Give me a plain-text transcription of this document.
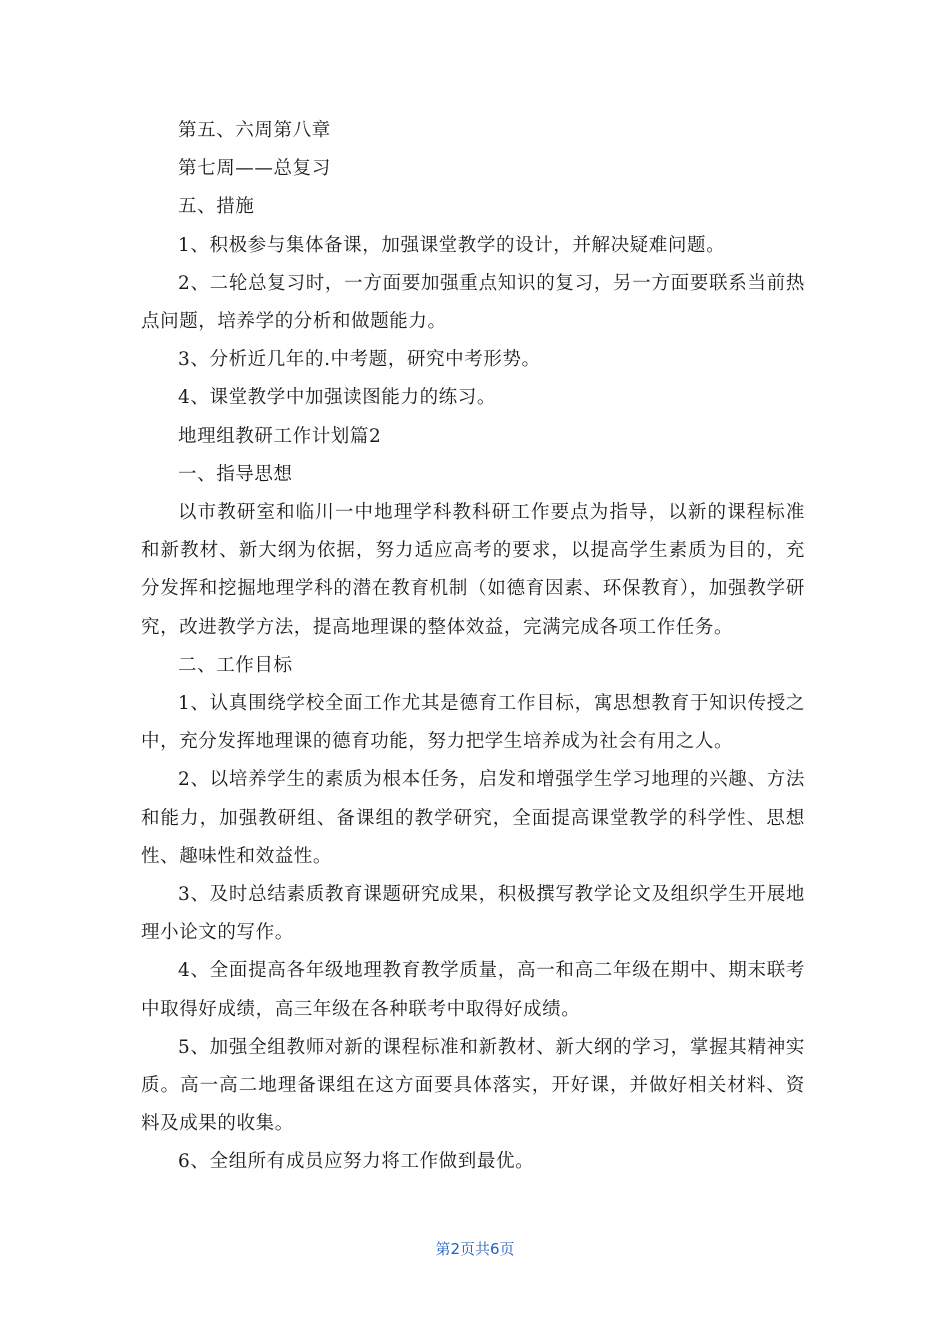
第五、六周第八章

第七周——总复习

五、措施

1、积极参与集体备课，加强课堂教学的设计，并解决疑难问题。

2、二轮总复习时，一方面要加强重点知识的复习，另一方面要联系当前热点问题，培养学的分析和做题能力。

3、分析近几年的.中考题，研究中考形势。

4、课堂教学中加强读图能力的练习。

地理组教研工作计划篇2

一、指导思想

以市教研室和临川一中地理学科教科研工作要点为指导，以新的课程标准和新教材、新大纲为依据，努力适应高考的要求，以提高学生素质为目的，充分发挥和挖掘地理学科的潜在教育机制（如德育因素、环保教育），加强教学研究，改进教学方法，提高地理课的整体效益，完满完成各项工作任务。

二、工作目标

1、认真围绕学校全面工作尤其是德育工作目标，寓思想教育于知识传授之中，充分发挥地理课的德育功能，努力把学生培养成为社会有用之人。

2、以培养学生的素质为根本任务，启发和增强学生学习地理的兴趣、方法和能力，加强教研组、备课组的教学研究，全面提高课堂教学的科学性、思想性、趣味性和效益性。

3、及时总结素质教育课题研究成果，积极撰写教学论文及组织学生开展地理小论文的写作。

4、全面提高各年级地理教育教学质量，高一和高二年级在期中、期末联考中取得好成绩，高三年级在各种联考中取得好成绩。

5、加强全组教师对新的课程标准和新教材、新大纲的学习，掌握其精神实质。高一高二地理备课组在这方面要具体落实，开好课，并做好相关材料、资料及成果的收集。

6、全组所有成员应努力将工作做到最优。

第2页共6页
